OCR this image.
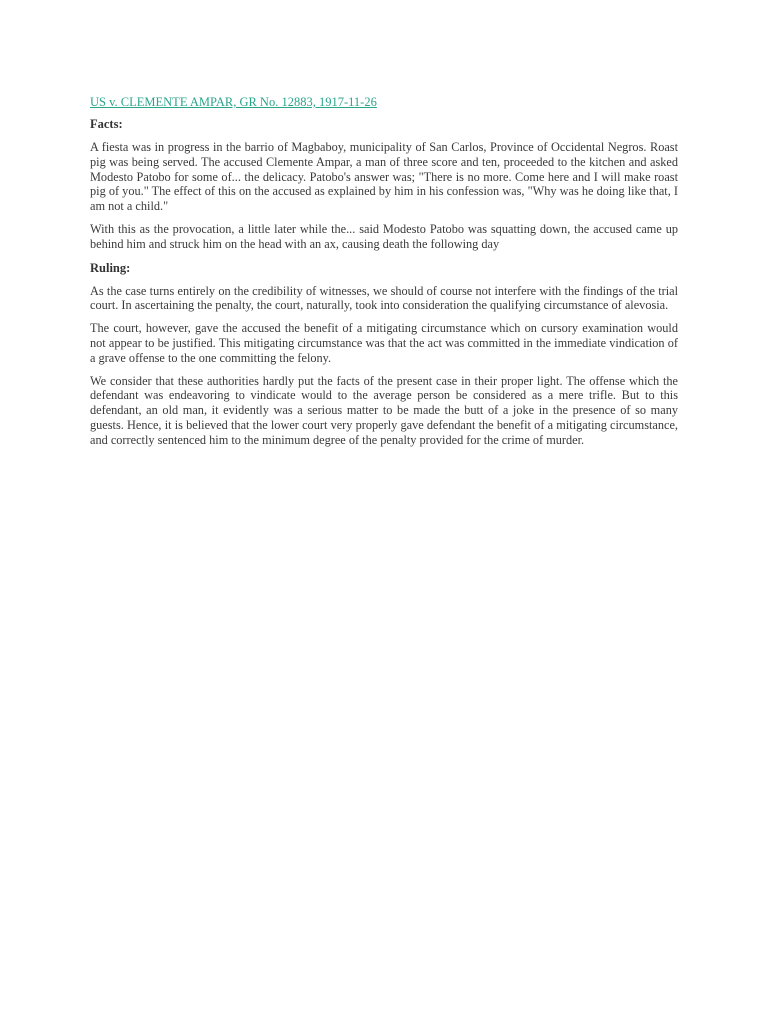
US v. CLEMENTE AMPAR, GR No. 12883, 1917-11-26

Facts:

A fiesta was in progress in the barrio of Magbaboy, municipality of San Carlos, Province of Occidental Negros. Roast pig was being served. The accused Clemente Ampar, a man of three score and ten, proceeded to the kitchen and asked Modesto Patobo for some of... the delicacy. Patobo's answer was; "There is no more. Come here and I will make roast pig of you." The effect of this on the accused as explained by him in his confession was, "Why was he doing like that, I am not a child."

With this as the provocation, a little later while the... said Modesto Patobo was squatting down, the accused came up behind him and struck him on the head with an ax, causing death the following day

Ruling:

As the case turns entirely on the credibility of witnesses, we should of course not interfere with the findings of the trial court. In ascertaining the penalty, the court, naturally, took into consideration the qualifying circumstance of alevosia.

The court, however, gave the accused the benefit of a mitigating circumstance which on cursory examination would not appear to be justified. This mitigating circumstance was that the act was committed in the immediate vindication of a grave offense to the one committing the felony.

We consider that these authorities hardly put the facts of the present case in their proper light. The offense which the defendant was endeavoring to vindicate would to the average person be considered as a mere trifle. But to this defendant, an old man, it evidently was a serious matter to be made the butt of a joke in the presence of so many guests. Hence, it is believed that the lower court very properly gave defendant the benefit of a mitigating circumstance, and correctly sentenced him to the minimum degree of the penalty provided for the crime of murder.
